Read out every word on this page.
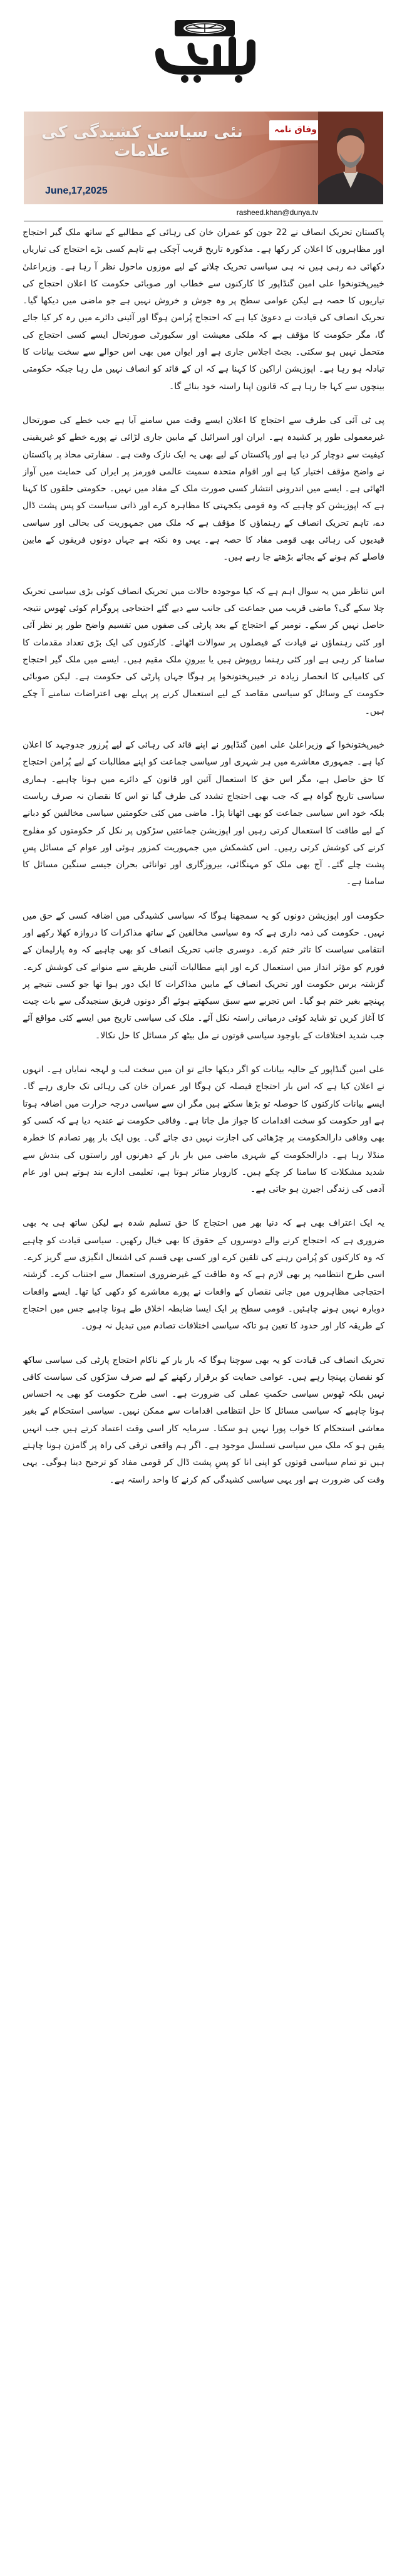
نئی سیاسی کشیدگی کی علامات
وفاق نامہ
June,17,2025
rasheed.khan@dunya.tv

پاکستان تحریک انصاف نے 22 جون کو عمران خان کی رہائی کے مطالبے کے ساتھ ملک گیر احتجاج اور مظاہروں کا اعلان کر رکھا ہے۔ مذکورہ تاریخ قریب آچکی ہے تاہم کسی بڑے احتجاج کی تیاریاں دکھائی دے رہی ہیں نہ ہی سیاسی تحریک چلانے کے لیے موزوں ماحول نظر آ رہا ہے۔ وزیراعلیٰ خیبرپختونخوا علی امین گنڈاپور کا کارکنوں سے خطاب اور صوبائی حکومت کا اعلان احتجاج کی تیاریوں کا حصہ ہے لیکن عوامی سطح پر وہ جوش و خروش نہیں ہے جو ماضی میں دیکھا گیا۔ تحریک انصاف کی قیادت نے دعویٰ کیا ہے کہ احتجاج پُرامن ہوگا اور آئینی دائرے میں رہ کر کیا جائے گا، مگر حکومت کا مؤقف ہے کہ ملکی معیشت اور سکیورٹی صورتحال ایسے کسی احتجاج کی متحمل نہیں ہو سکتی۔ بجٹ اجلاس جاری ہے اور ایوان میں بھی اس حوالے سے سخت بیانات کا تبادلہ ہو رہا ہے۔ اپوزیشن اراکین کا کہنا ہے کہ ان کے قائد کو انصاف نہیں مل رہا جبکہ حکومتی بینچوں سے کہا جا رہا ہے کہ قانون اپنا راستہ خود بنائے گا۔

پی ٹی آئی کی طرف سے احتجاج کا اعلان ایسے وقت میں سامنے آیا ہے جب خطے کی صورتحال غیرمعمولی طور پر کشیدہ ہے۔ ایران اور اسرائیل کے مابین جاری لڑائی نے پورے خطے کو غیریقینی کیفیت سے دوچار کر دیا ہے اور پاکستان کے لیے بھی یہ ایک نازک وقت ہے۔ سفارتی محاذ پر پاکستان نے واضح مؤقف اختیار کیا ہے اور اقوام متحدہ سمیت عالمی فورمز پر ایران کی حمایت میں آواز اٹھائی ہے۔ ایسے میں اندرونی انتشار کسی صورت ملک کے مفاد میں نہیں۔ حکومتی حلقوں کا کہنا ہے کہ اپوزیشن کو چاہیے کہ وہ قومی یکجہتی کا مظاہرہ کرے اور ذاتی سیاست کو پس پشت ڈال دے، تاہم تحریک انصاف کے رہنماؤں کا مؤقف ہے کہ ملک میں جمہوریت کی بحالی اور سیاسی قیدیوں کی رہائی بھی قومی مفاد کا حصہ ہے۔ یہی وہ نکتہ ہے جہاں دونوں فریقوں کے مابین فاصلے کم ہونے کے بجائے بڑھتے جا رہے ہیں۔

اس تناظر میں یہ سوال اہم ہے کہ کیا موجودہ حالات میں تحریک انصاف کوئی بڑی سیاسی تحریک چلا سکے گی؟ ماضی قریب میں جماعت کی جانب سے دیے گئے احتجاجی پروگرام کوئی ٹھوس نتیجہ حاصل نہیں کر سکے۔ نومبر کے احتجاج کے بعد پارٹی کی صفوں میں تقسیم واضح طور پر نظر آئی اور کئی رہنماؤں نے قیادت کے فیصلوں پر سوالات اٹھائے۔ کارکنوں کی ایک بڑی تعداد مقدمات کا سامنا کر رہی ہے اور کئی رہنما روپوش ہیں یا بیرونِ ملک مقیم ہیں۔ ایسے میں ملک گیر احتجاج کی کامیابی کا انحصار زیادہ تر خیبرپختونخوا پر ہوگا جہاں پارٹی کی حکومت ہے۔ لیکن صوبائی حکومت کے وسائل کو سیاسی مقاصد کے لیے استعمال کرنے پر پہلے بھی اعتراضات سامنے آ چکے ہیں۔

خیبرپختونخوا کے وزیراعلیٰ علی امین گنڈاپور نے اپنے قائد کی رہائی کے لیے پُرزور جدوجہد کا اعلان کیا ہے۔ جمہوری معاشرے میں ہر شہری اور سیاسی جماعت کو اپنے مطالبات کے لیے پُرامن احتجاج کا حق حاصل ہے، مگر اس حق کا استعمال آئین اور قانون کے دائرے میں ہونا چاہیے۔ ہماری سیاسی تاریخ گواہ ہے کہ جب بھی احتجاج تشدد کی طرف گیا تو اس کا نقصان نہ صرف ریاست بلکہ خود اس سیاسی جماعت کو بھی اٹھانا پڑا۔ ماضی میں کئی حکومتیں سیاسی مخالفین کو دبانے کے لیے طاقت کا استعمال کرتی رہیں اور اپوزیشن جماعتیں سڑکوں پر نکل کر حکومتوں کو مفلوج کرنے کی کوشش کرتی رہیں۔ اس کشمکش میں جمہوریت کمزور ہوئی اور عوام کے مسائل پسِ پشت چلے گئے۔ آج بھی ملک کو مہنگائی، بیروزگاری اور توانائی بحران جیسے سنگین مسائل کا سامنا ہے۔

حکومت اور اپوزیشن دونوں کو یہ سمجھنا ہوگا کہ سیاسی کشیدگی میں اضافہ کسی کے حق میں نہیں۔ حکومت کی ذمہ داری ہے کہ وہ سیاسی مخالفین کے ساتھ مذاکرات کا دروازہ کھلا رکھے اور انتقامی سیاست کا تاثر ختم کرے۔ دوسری جانب تحریک انصاف کو بھی چاہیے کہ وہ پارلیمان کے فورم کو مؤثر انداز میں استعمال کرے اور اپنے مطالبات آئینی طریقے سے منوانے کی کوشش کرے۔ گزشتہ برس حکومت اور تحریک انصاف کے مابین مذاکرات کا ایک دور ہوا تھا جو کسی نتیجے پر پہنچے بغیر ختم ہو گیا۔ اس تجربے سے سبق سیکھتے ہوئے اگر دونوں فریق سنجیدگی سے بات چیت کا آغاز کریں تو شاید کوئی درمیانی راستہ نکل آئے۔ ملک کی سیاسی تاریخ میں ایسے کئی مواقع آئے جب شدید اختلافات کے باوجود سیاسی قوتوں نے مل بیٹھ کر مسائل کا حل نکالا۔

علی امین گنڈاپور کے حالیہ بیانات کو اگر دیکھا جائے تو ان میں سخت لب و لہجہ نمایاں ہے۔ انہوں نے اعلان کیا ہے کہ اس بار احتجاج فیصلہ کن ہوگا اور عمران خان کی رہائی تک جاری رہے گا۔ ایسے بیانات کارکنوں کا حوصلہ تو بڑھا سکتے ہیں مگر ان سے سیاسی درجہ حرارت میں اضافہ ہوتا ہے اور حکومت کو سخت اقدامات کا جواز مل جاتا ہے۔ وفاقی حکومت نے عندیہ دیا ہے کہ کسی کو بھی وفاقی دارالحکومت پر چڑھائی کی اجازت نہیں دی جائے گی۔ یوں ایک بار پھر تصادم کا خطرہ منڈلا رہا ہے۔ دارالحکومت کے شہری ماضی میں بار بار کے دھرنوں اور راستوں کی بندش سے شدید مشکلات کا سامنا کر چکے ہیں۔ کاروبار متاثر ہوتا ہے، تعلیمی ادارے بند ہوتے ہیں اور عام آدمی کی زندگی اجیرن ہو جاتی ہے۔

یہ ایک اعتراف بھی ہے کہ دنیا بھر میں احتجاج کا حق تسلیم شدہ ہے لیکن ساتھ ہی یہ بھی ضروری ہے کہ احتجاج کرنے والے دوسروں کے حقوق کا بھی خیال رکھیں۔ سیاسی قیادت کو چاہیے کہ وہ کارکنوں کو پُرامن رہنے کی تلقین کرے اور کسی بھی قسم کی اشتعال انگیزی سے گریز کرے۔ اسی طرح انتظامیہ پر بھی لازم ہے کہ وہ طاقت کے غیرضروری استعمال سے اجتناب کرے۔ گزشتہ احتجاجی مظاہروں میں جانی نقصان کے واقعات نے پورے معاشرے کو دکھی کیا تھا۔ ایسے واقعات دوبارہ نہیں ہونے چاہئیں۔ قومی سطح پر ایک ایسا ضابطہ اخلاق طے ہونا چاہیے جس میں احتجاج کے طریقہ کار اور حدود کا تعین ہو تاکہ سیاسی اختلافات تصادم میں تبدیل نہ ہوں۔

تحریک انصاف کی قیادت کو یہ بھی سوچنا ہوگا کہ بار بار کے ناکام احتجاج پارٹی کی سیاسی ساکھ کو نقصان پہنچا رہے ہیں۔ عوامی حمایت کو برقرار رکھنے کے لیے صرف سڑکوں کی سیاست کافی نہیں بلکہ ٹھوس سیاسی حکمتِ عملی کی ضرورت ہے۔ اسی طرح حکومت کو بھی یہ احساس ہونا چاہیے کہ سیاسی مسائل کا حل انتظامی اقدامات سے ممکن نہیں۔ سیاسی استحکام کے بغیر معاشی استحکام کا خواب پورا نہیں ہو سکتا۔ سرمایہ کار اسی وقت اعتماد کرتے ہیں جب انہیں یقین ہو کہ ملک میں سیاسی تسلسل موجود ہے۔ اگر ہم واقعی ترقی کی راہ پر گامزن ہونا چاہتے ہیں تو تمام سیاسی قوتوں کو اپنی انا کو پسِ پشت ڈال کر قومی مفاد کو ترجیح دینا ہوگی۔ یہی وقت کی ضرورت ہے اور یہی سیاسی کشیدگی کم کرنے کا واحد راستہ ہے۔
